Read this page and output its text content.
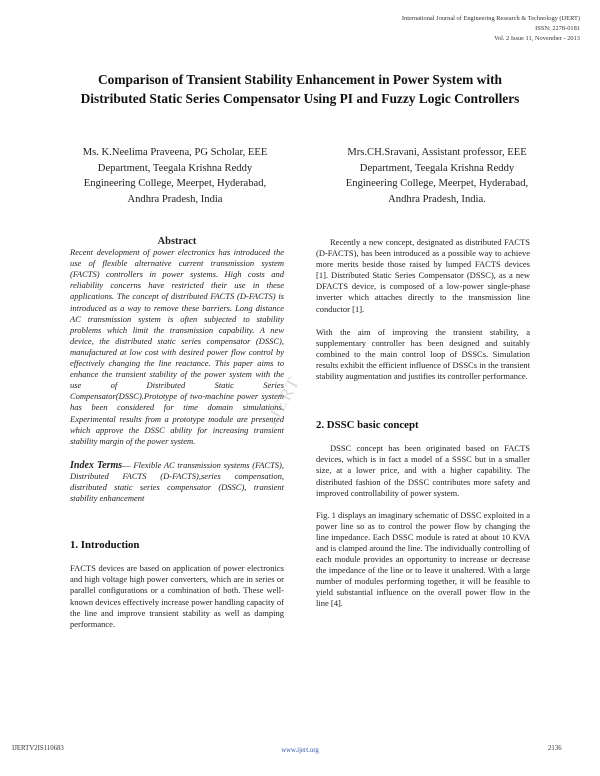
International Journal of Engineering Research & Technology (IJERT)
ISSN: 2278-0181
Vol. 2 Issue 11, November - 2013
Comparison of Transient Stability Enhancement in Power System with
Distributed Static Series Compensator Using PI and Fuzzy Logic Controllers
Ms. K.Neelima Praveena, PG Scholar, EEE
Department, Teegala Krishna Reddy
Engineering College, Meerpet, Hyderabad,
Andhra Pradesh, India
Mrs.CH.Sravani, Assistant professor, EEE
Department, Teegala Krishna Reddy
Engineering College, Meerpet, Hyderabad,
Andhra Pradesh, India.
Abstract

Recent development of power electronics has introduced the use of flexible alternative current transmission system (FACTS) controllers in power systems. High costs and reliability concerns have restricted their use in these applications. The concept of distributed FACTS (D-FACTS) is introduced as a way to remove these barriers. Long distance AC transmission system is often subjected to stability problems which limit the transmission capability. A new device, the distributed static series compensator (DSSC), manufactured at low cost with desired power flow control by effectively changing the line reactance. This paper aims to enhance the transient stability of the power system with the use of Distributed Static Series Compensator(DSSC).Prototype of two-machine power system has been considered for time domain simulations. Experimental results from a prototype module are presented which approve the DSSC ability for increasing transient stability margin of the power system.

Index Terms— Flexible AC transmission systems (FACTS), Distributed FACTS (D-FACTS),series compensation, distributed static series compensator (DSSC), transient stability enhancement

1. Introduction

FACTS devices are based on application of power electronics and high voltage high power converters, which are in series or parallel configurations or a combination of both. These well-known devices effectively increase power handling capacity of the line and improve transient stability as well as damping performance.

Recently a new concept, designated as distributed FACTS (D-FACTS), has been introduced as a possible way to achieve more merits beside those raised by lumped FACTS devices [1]. Distributed Static Series Compensator (DSSC), as a new DFACTS device, is composed of a low-power single-phase inverter which attaches directly to the transmission line conductor [1].

With the aim of improving the transient stability, a supplementary controller has been designed and suitably combined to the main control loop of DSSCs. Simulation results exhibit the efficient influence of DSSCs in the transient stability augmentation and justifies its controller performance.

2. DSSC basic concept

DSSC concept has been originated based on FACTS devices, which is in fact a model of a SSSC but in a smaller size, at a lower price, and with a higher capability. The distributed fashion of the DSSC contributes more safety and improved controllability of power system.

Fig. 1 displays an imaginary schematic of DSSC exploited in a power line so as to control the power flow by changing the line impedance. Each DSSC module is rated at about 10 KVA and is clamped around the line. The individually controlling of each module provides an opportunity to increase or decrease the impedance of the line or to leave it unaltered. With a large number of modules performing together, it will be feasible to yield substantial influence on the overall power flow in the line [4].

IJERT
IJERTV2IS110683	www.ijert.org	2136
